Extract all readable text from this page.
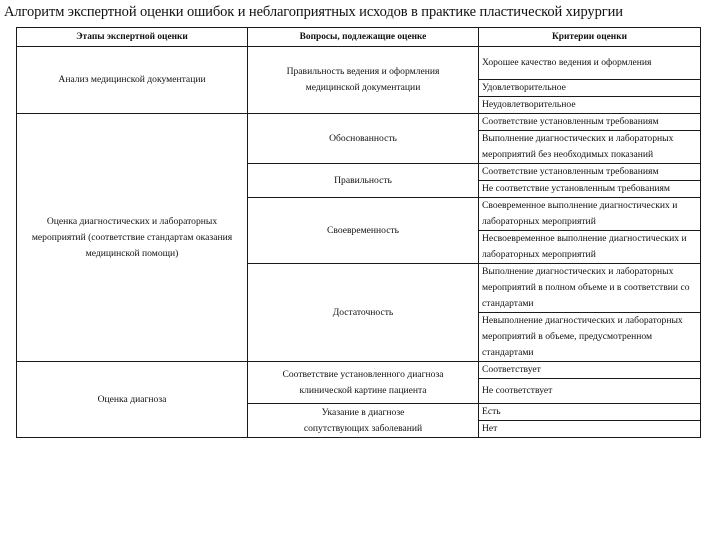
Алгоритм экспертной оценки ошибок и неблагоприятных исходов в практике пластической хирургии
Этапы экспертной оценки	Вопросы, подлежащие оценке	Критерии оценки
Анализ медицинской документации	Правильность ведения и оформления медицинской документации	Хорошее качество ведения и оформления
		Удовлетворительное
		Неудовлетворительное
Оценка диагностических и лабораторных мероприятий (соответствие стандартам оказания медицинской помощи)	Обоснованность	Соответствие установленным требованиям
		Выполнение диагностических и лабораторных мероприятий без необходимых показаний
	Правильность	Соответствие установленным требованиям
		Не соответствие установленным требованиям
	Своевременность	Своевременное выполнение диагностических и лабораторных мероприятий
		Несвоевременное выполнение диагностических и лабораторных мероприятий
	Достаточность	Выполнение диагностических и лабораторных мероприятий в полном объеме и в соответствии со стандартами
		Невыполнение диагностических и лабораторных мероприятий в объеме, предусмотренном стандартами
Оценка диагноза	Соответствие установленного диагноза клинической картине пациента	Соответствует
		Не соответствует
	Указание в диагнозе сопутствующих заболеваний	Есть
		Нет
